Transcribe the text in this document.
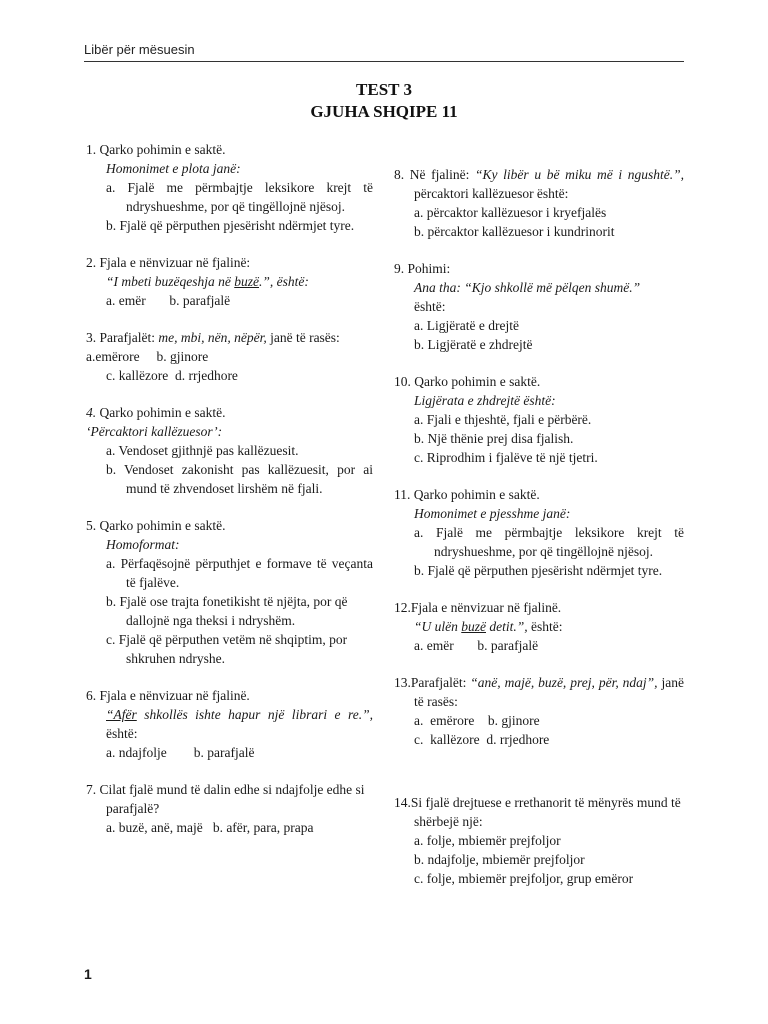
Libër për mësuesin
TEST 3
GJUHA SHQIPE 11
1. Qarko pohimin e saktë.
Homonimet e plota janë:
a. Fjalë me përmbajtje leksikore krejt të ndryshueshme, por që tingëllojnë njësoj.
b. Fjalë që përputhen pjesërisht ndërmjet tyre.
2. Fjala e nënvizuar në fjalinë:
“I mbeti buzëqeshja në buzë.”, është:
a. emër       b. parafjalë
3. Parafjalët: me, mbi, nën, nëpër, janë të rasës:
a.emërore     b. gjinore
c. kallëzore  d. rrjedhore
4. Qarko pohimin e saktë.
‘Përcaktori kallëzuesor’:
a. Vendoset gjithnjë pas kallëzuesit.
b. Vendoset zakonisht pas kallëzuesit, por ai mund të zhvendoset lirshëm në fjali.
5. Qarko pohimin e saktë.
Homoformat:
a. Përfaqësojnë përputhjet e formave të veçanta të fjalëve.
b. Fjalë ose trajta fonetikisht të njëjta, por që dallojnë nga theksi i ndryshëm.
c. Fjalë që përputhen vetëm në shqiptim, por shkruhen ndryshe.
6. Fjala e nënvizuar në fjalinë.
“Afër shkollës ishte hapur një librari e re.”, është:
a. ndajfolje        b. parafjalë
7. Cilat fjalë mund të dalin edhe si ndajfolje edhe si parafjalë?
a. buzë, anë, majë   b. afër, para, prapa
8. Në fjalinë: “Ky libër u bë miku më i ngushtë.”, përcaktori kallëzuesor është:
a. përcaktor kallëzuesor i kryefjalës
b. përcaktor kallëzuesor i kundrinorit
9. Pohimi:
Ana tha: “Kjo shkollë më pëlqen shumë.”
është:
a. Ligjëratë e drejtë
b. Ligjëratë e zhdrejtë
10. Qarko pohimin e saktë.
Ligjërata e zhdrejtë është:
a. Fjali e thjeshtë, fjali e përbërë.
b. Një thënie prej disa fjalish.
c. Riprodhim i fjalëve të një tjetri.
11. Qarko pohimin e saktë.
Homonimet e pjesshme janë:
a. Fjalë me përmbajtje leksikore krejt të ndryshueshme, por që tingëllojnë njësoj.
b. Fjalë që përputhen pjesërisht ndërmjet tyre.
12.Fjala e nënvizuar në fjalinë.
“U ulën buzë detit.”, është:
a. emër       b. parafjalë
13.Parafjalët: “anë, majë, buzë, prej, për, ndaj”, janë të rasës:
a.  emërore    b. gjinore
c.  kallëzore  d. rrjedhore
14.Si fjalë drejtuese e rrethanorit të mënyrës mund të shërbejë një:
a. folje, mbiemër prejfoljor
b. ndajfolje, mbiemër prejfoljor
c. folje, mbiemër prejfoljor, grup emëror
1
